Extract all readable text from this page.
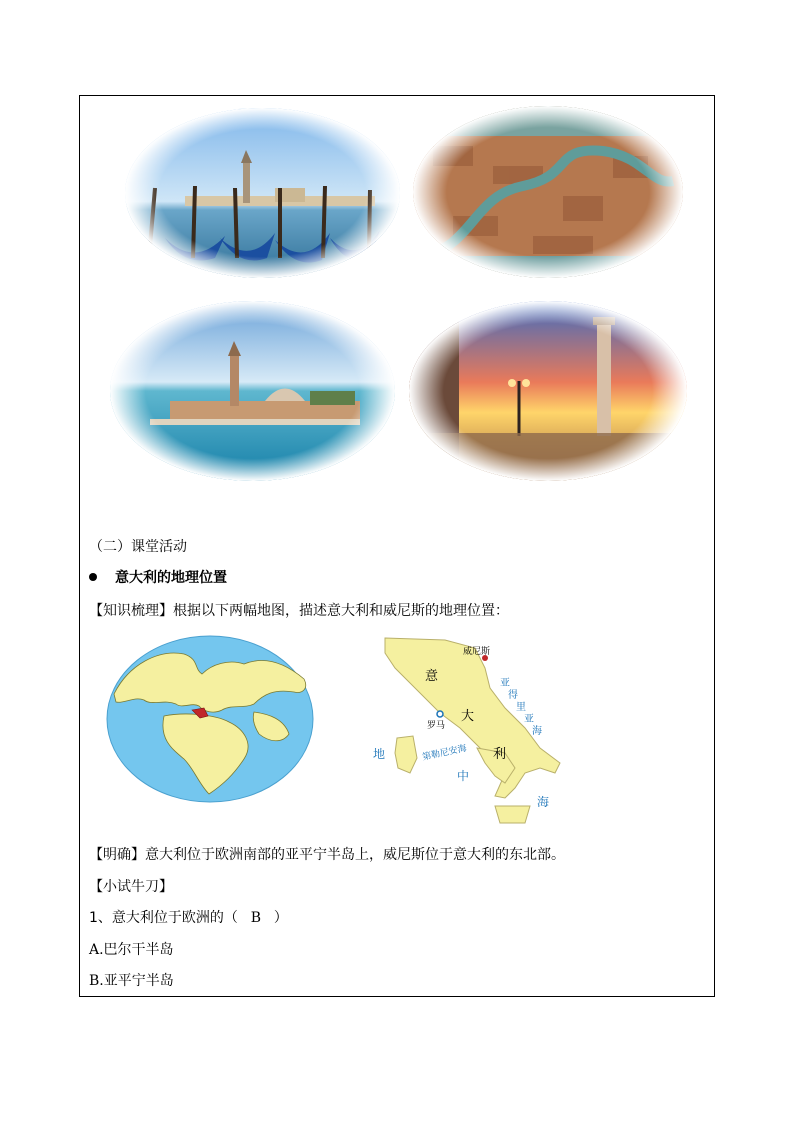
（二）课堂活动
意大利的地理位置
【知识梳理】根据以下两幅地图，描述意大利和威尼斯的地理位置：
威尼斯
罗马
意
大
利
亚
得
里
亚
海
第勒尼安海
地
中
海
【明确】意大利位于欧洲南部的亚平宁半岛上，威尼斯位于意大利的东北部。
【小试牛刀】
1、意大利位于欧洲的（ B ）
A.巴尔干半岛
B.亚平宁半岛
